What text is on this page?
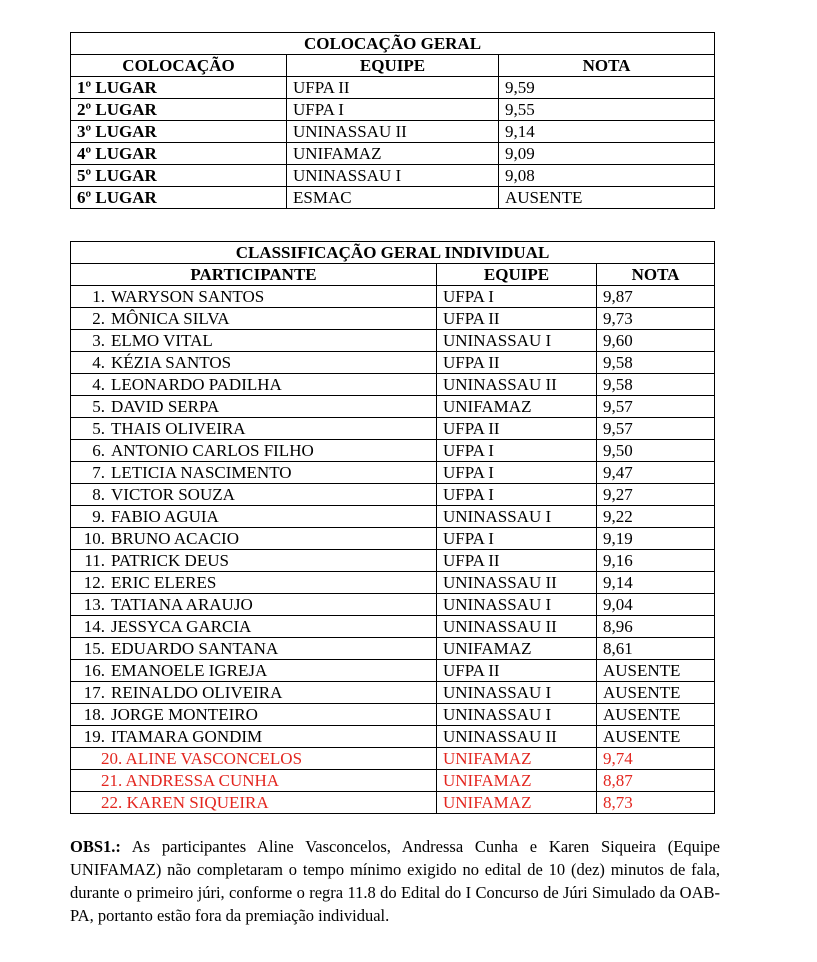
COLOCAÇÃO GERAL		
COLOCAÇÃO	EQUIPE	NOTA
1º LUGAR	UFPA II	9,59
2º LUGAR	UFPA I	9,55
3º LUGAR	UNINASSAU II	9,14
4º LUGAR	UNIFAMAZ	9,09
5º LUGAR	UNINASSAU I	9,08
6º LUGAR	ESMAC	AUSENTE
CLASSIFICAÇÃO GERAL INDIVIDUAL		
PARTICIPANTE	EQUIPE	NOTA
1. WARYSON SANTOS	UFPA I	9,87
2. MÔNICA SILVA	UFPA II	9,73
3. ELMO VITAL	UNINASSAU I	9,60
4. KÉZIA SANTOS	UFPA II	9,58
4. LEONARDO PADILHA	UNINASSAU II	9,58
5. DAVID SERPA	UNIFAMAZ	9,57
5. THAIS OLIVEIRA	UFPA II	9,57
6. ANTONIO CARLOS FILHO	UFPA I	9,50
7. LETICIA NASCIMENTO	UFPA I	9,47
8. VICTOR SOUZA	UFPA I	9,27
9. FABIO AGUIA	UNINASSAU I	9,22
10. BRUNO ACACIO	UFPA I	9,19
11. PATRICK DEUS	UFPA II	9,16
12. ERIC ELERES	UNINASSAU II	9,14
13. TATIANA ARAUJO	UNINASSAU I	9,04
14. JESSYCA GARCIA	UNINASSAU II	8,96
15. EDUARDO SANTANA	UNIFAMAZ	8,61
16. EMANOELE IGREJA	UFPA II	AUSENTE
17. REINALDO OLIVEIRA	UNINASSAU I	AUSENTE
18. JORGE MONTEIRO	UNINASSAU I	AUSENTE
19. ITAMARA GONDIM	UNINASSAU II	AUSENTE
20. ALINE VASCONCELOS	UNIFAMAZ	9,74
21. ANDRESSA CUNHA	UNIFAMAZ	8,87
22. KAREN SIQUEIRA	UNIFAMAZ	8,73
OBS1.: As participantes Aline Vasconcelos, Andressa Cunha e Karen Siqueira (Equipe UNIFAMAZ) não completaram o tempo mínimo exigido no edital de 10 (dez) minutos de fala, durante o primeiro júri, conforme o regra 11.8 do Edital do I Concurso de Júri Simulado da OAB-PA, portanto estão fora da premiação individual.
